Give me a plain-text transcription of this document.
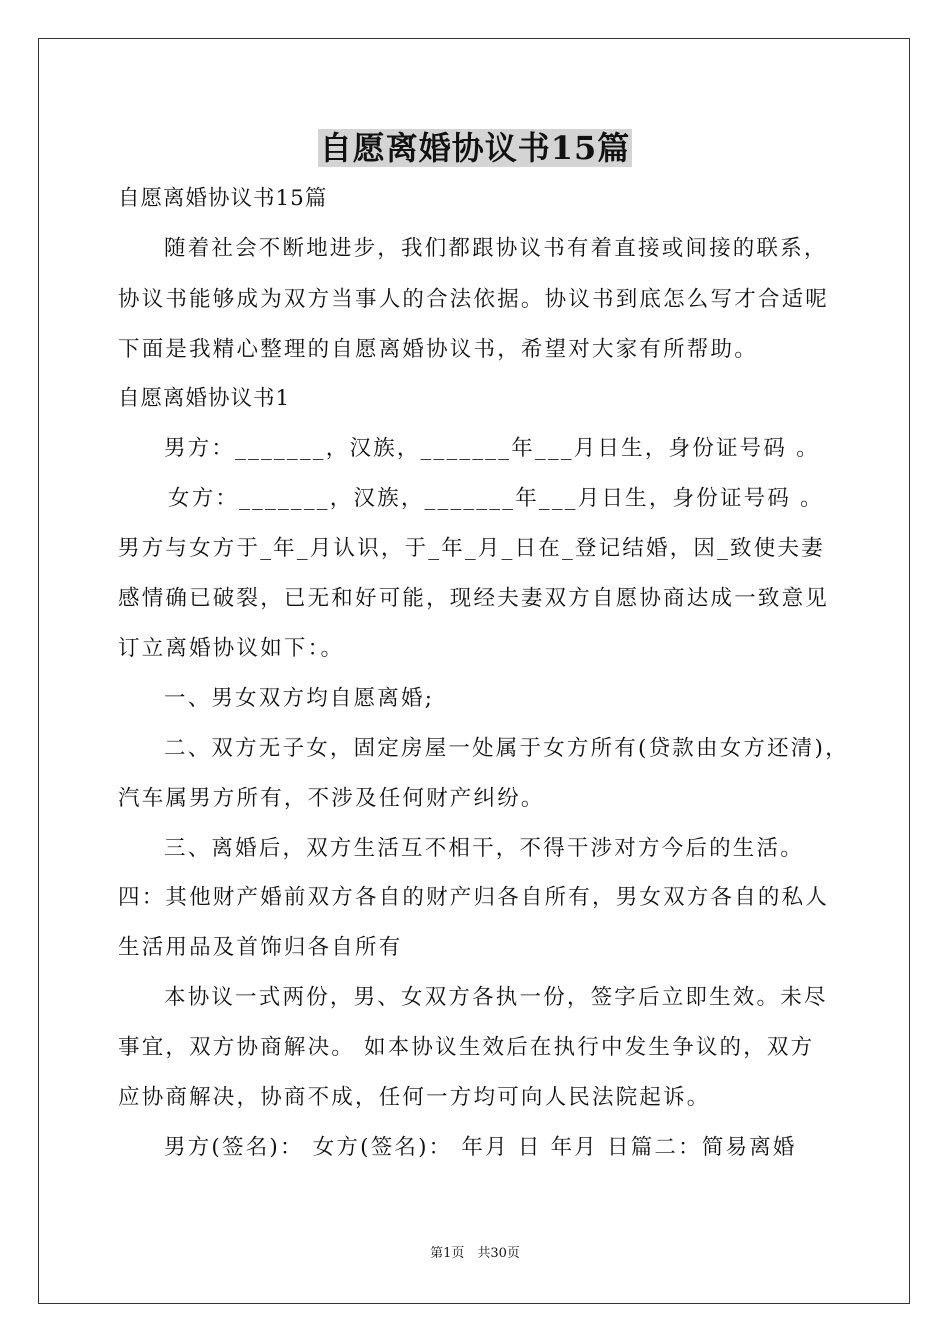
自愿离婚协议书15篇
自愿离婚协议书15篇
随着社会不断地进步，我们都跟协议书有着直接或间接的联系，
协议书能够成为双方当事人的合法依据。协议书到底怎么写才合适呢
下面是我精心整理的自愿离婚协议书，希望对大家有所帮助。
自愿离婚协议书1
男方：_______，汉族，_______年___月日生，身份证号码 。
女方：_______，汉族，_______年___月日生，身份证号码 。
男方与女方于_年_月认识，于_年_月_日在_登记结婚，因_致使夫妻
感情确已破裂，已无和好可能，现经夫妻双方自愿协商达成一致意见
订立离婚协议如下：。
一、男女双方均自愿离婚;
二、双方无子女，固定房屋一处属于女方所有(贷款由女方还清)，
汽车属男方所有，不涉及任何财产纠纷。
三、离婚后，双方生活互不相干，不得干涉对方今后的生活。
四：其他财产婚前双方各自的财产归各自所有，男女双方各自的私人
生活用品及首饰归各自所有
本协议一式两份，男、女双方各执一份，签字后立即生效。未尽
事宜，双方协商解决。 如本协议生效后在执行中发生争议的，双方
应协商解决，协商不成，任何一方均可向人民法院起诉。
男方(签名)： 女方(签名)： 年月 日 年月 日篇二：简易离婚
第1页　共30页
